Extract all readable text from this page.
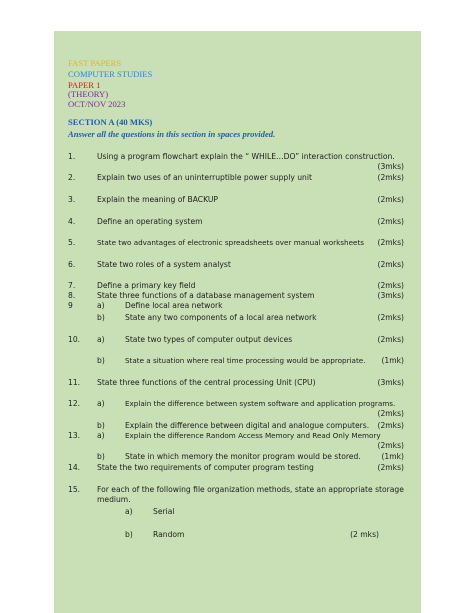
FAST PAPERS
COMPUTER STUDIES
PAPER 1
(THEORY)
OCT/NOV 2023
SECTION A (40 MKS)
Answer all the questions in this section in spaces provided.
1.	Using a program flowchart explain the “ WHILE…DO” interaction construction.
(3mks)
2.	Explain two uses of an uninterruptible power supply unit	(2mks)
3.	Explain the meaning of BACKUP	(2mks)
4.	Define an operating system	(2mks)
5.	State two advantages of electronic spreadsheets over manual worksheets (2mks)
6.	State two roles of a system analyst	(2mks)
7.	Define a primary key field	(2mks)
8.	State three functions of a database management system	(3mks)
9	a)	Define local area network
b)	State any two components of a local area network	(2mks)
10. a)	State two types of computer output devices	(2mks)
b)	State a situation where real time processing would be appropriate. (1mk)
11. State three functions of the central processing Unit (CPU)	(3mks)
12. a)	Explain the difference between system software and application programs.
(2mks)
b)	Explain the difference between digital and analogue computers. (2mks)
13. a)	Explain the difference Random Access Memory and Read Only Memory
(2mks)
b)	State in which memory the monitor program would be stored.	(1mk)
14. State the two requirements of computer program testing	(2mks)
15. For each of the following file organization methods, state an appropriate storage
medium.
a)	Serial
b)	Random	(2 mks)
